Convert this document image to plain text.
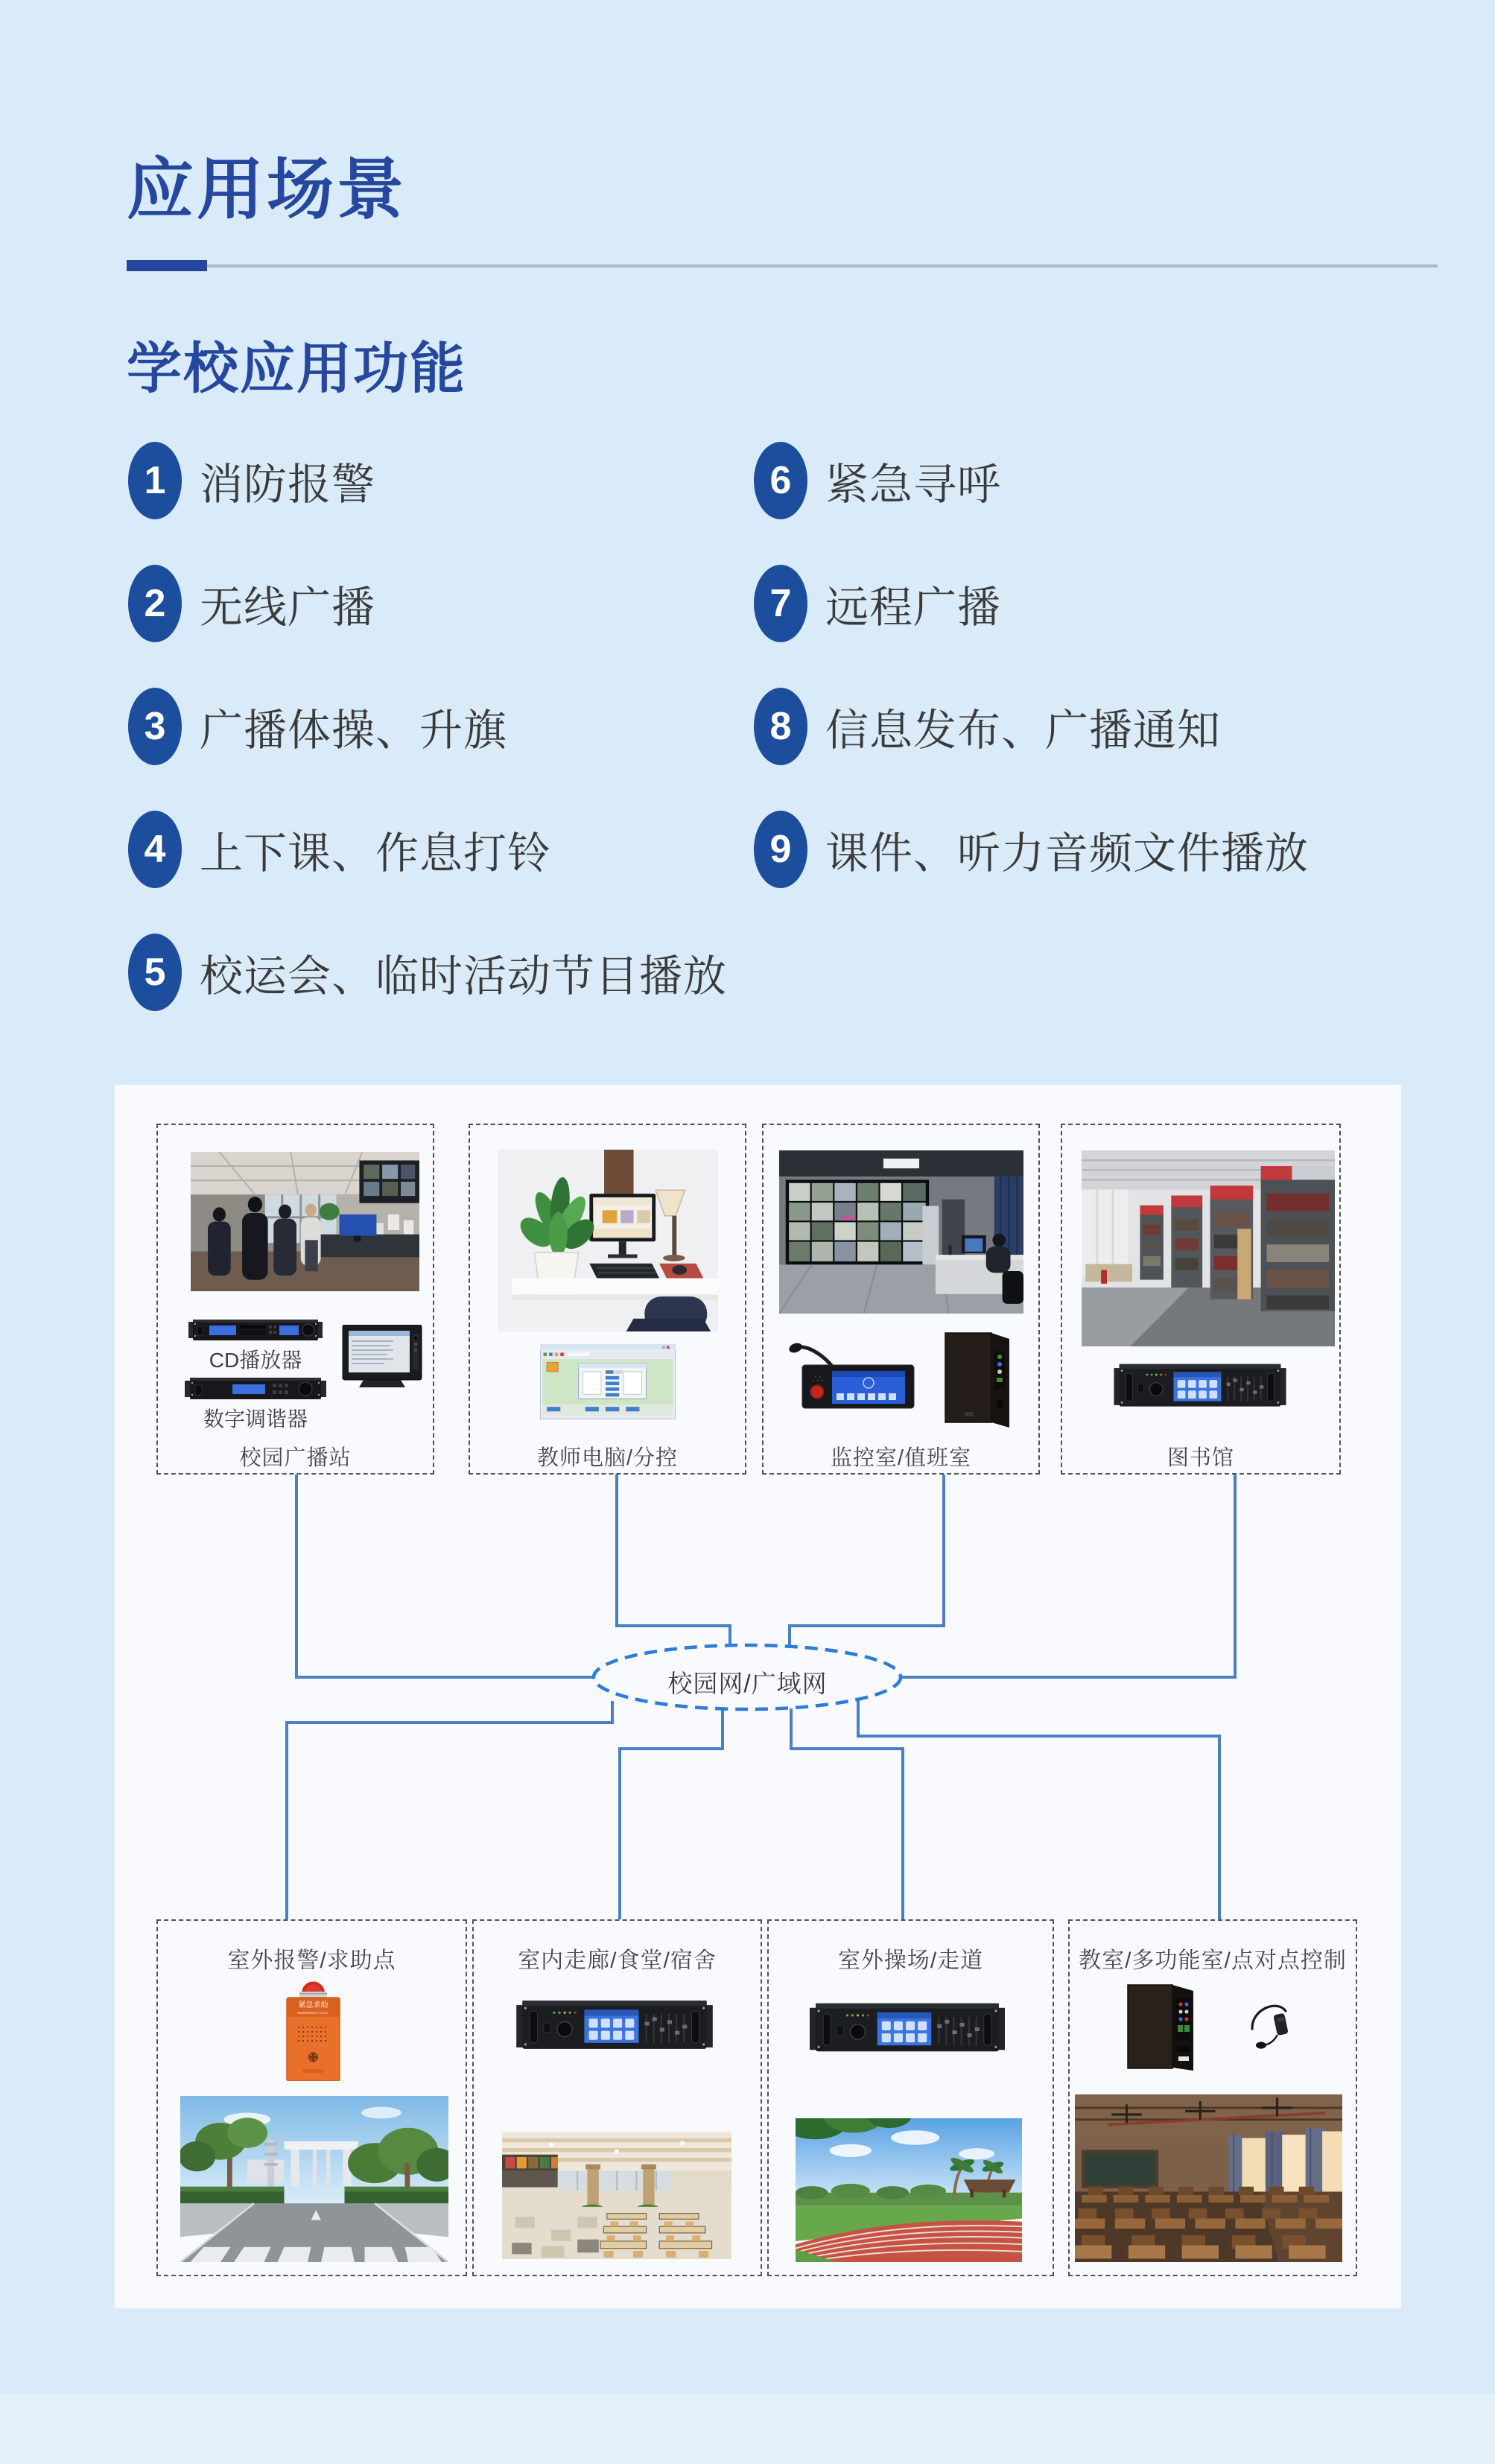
应用场景
学校应用功能
1 消防报警
2 无线广播
3 广播体操、升旗
4 上下课、作息打铃
5 校运会、临时活动节目播放
6 紧急寻呼
7 远程广播
8 信息发布、广播通知
9 课件、听力音频文件播放
校园网/广域网
CD播放器
数字调谐器
校园广播站	教师电脑/分控	监控室/值班室	图书馆
室外报警/求助点
紧急求助
EMERGENCY CALL
室内走廊/食堂/宿舍	室外操场/走道	教室/多功能室/点对点控制
